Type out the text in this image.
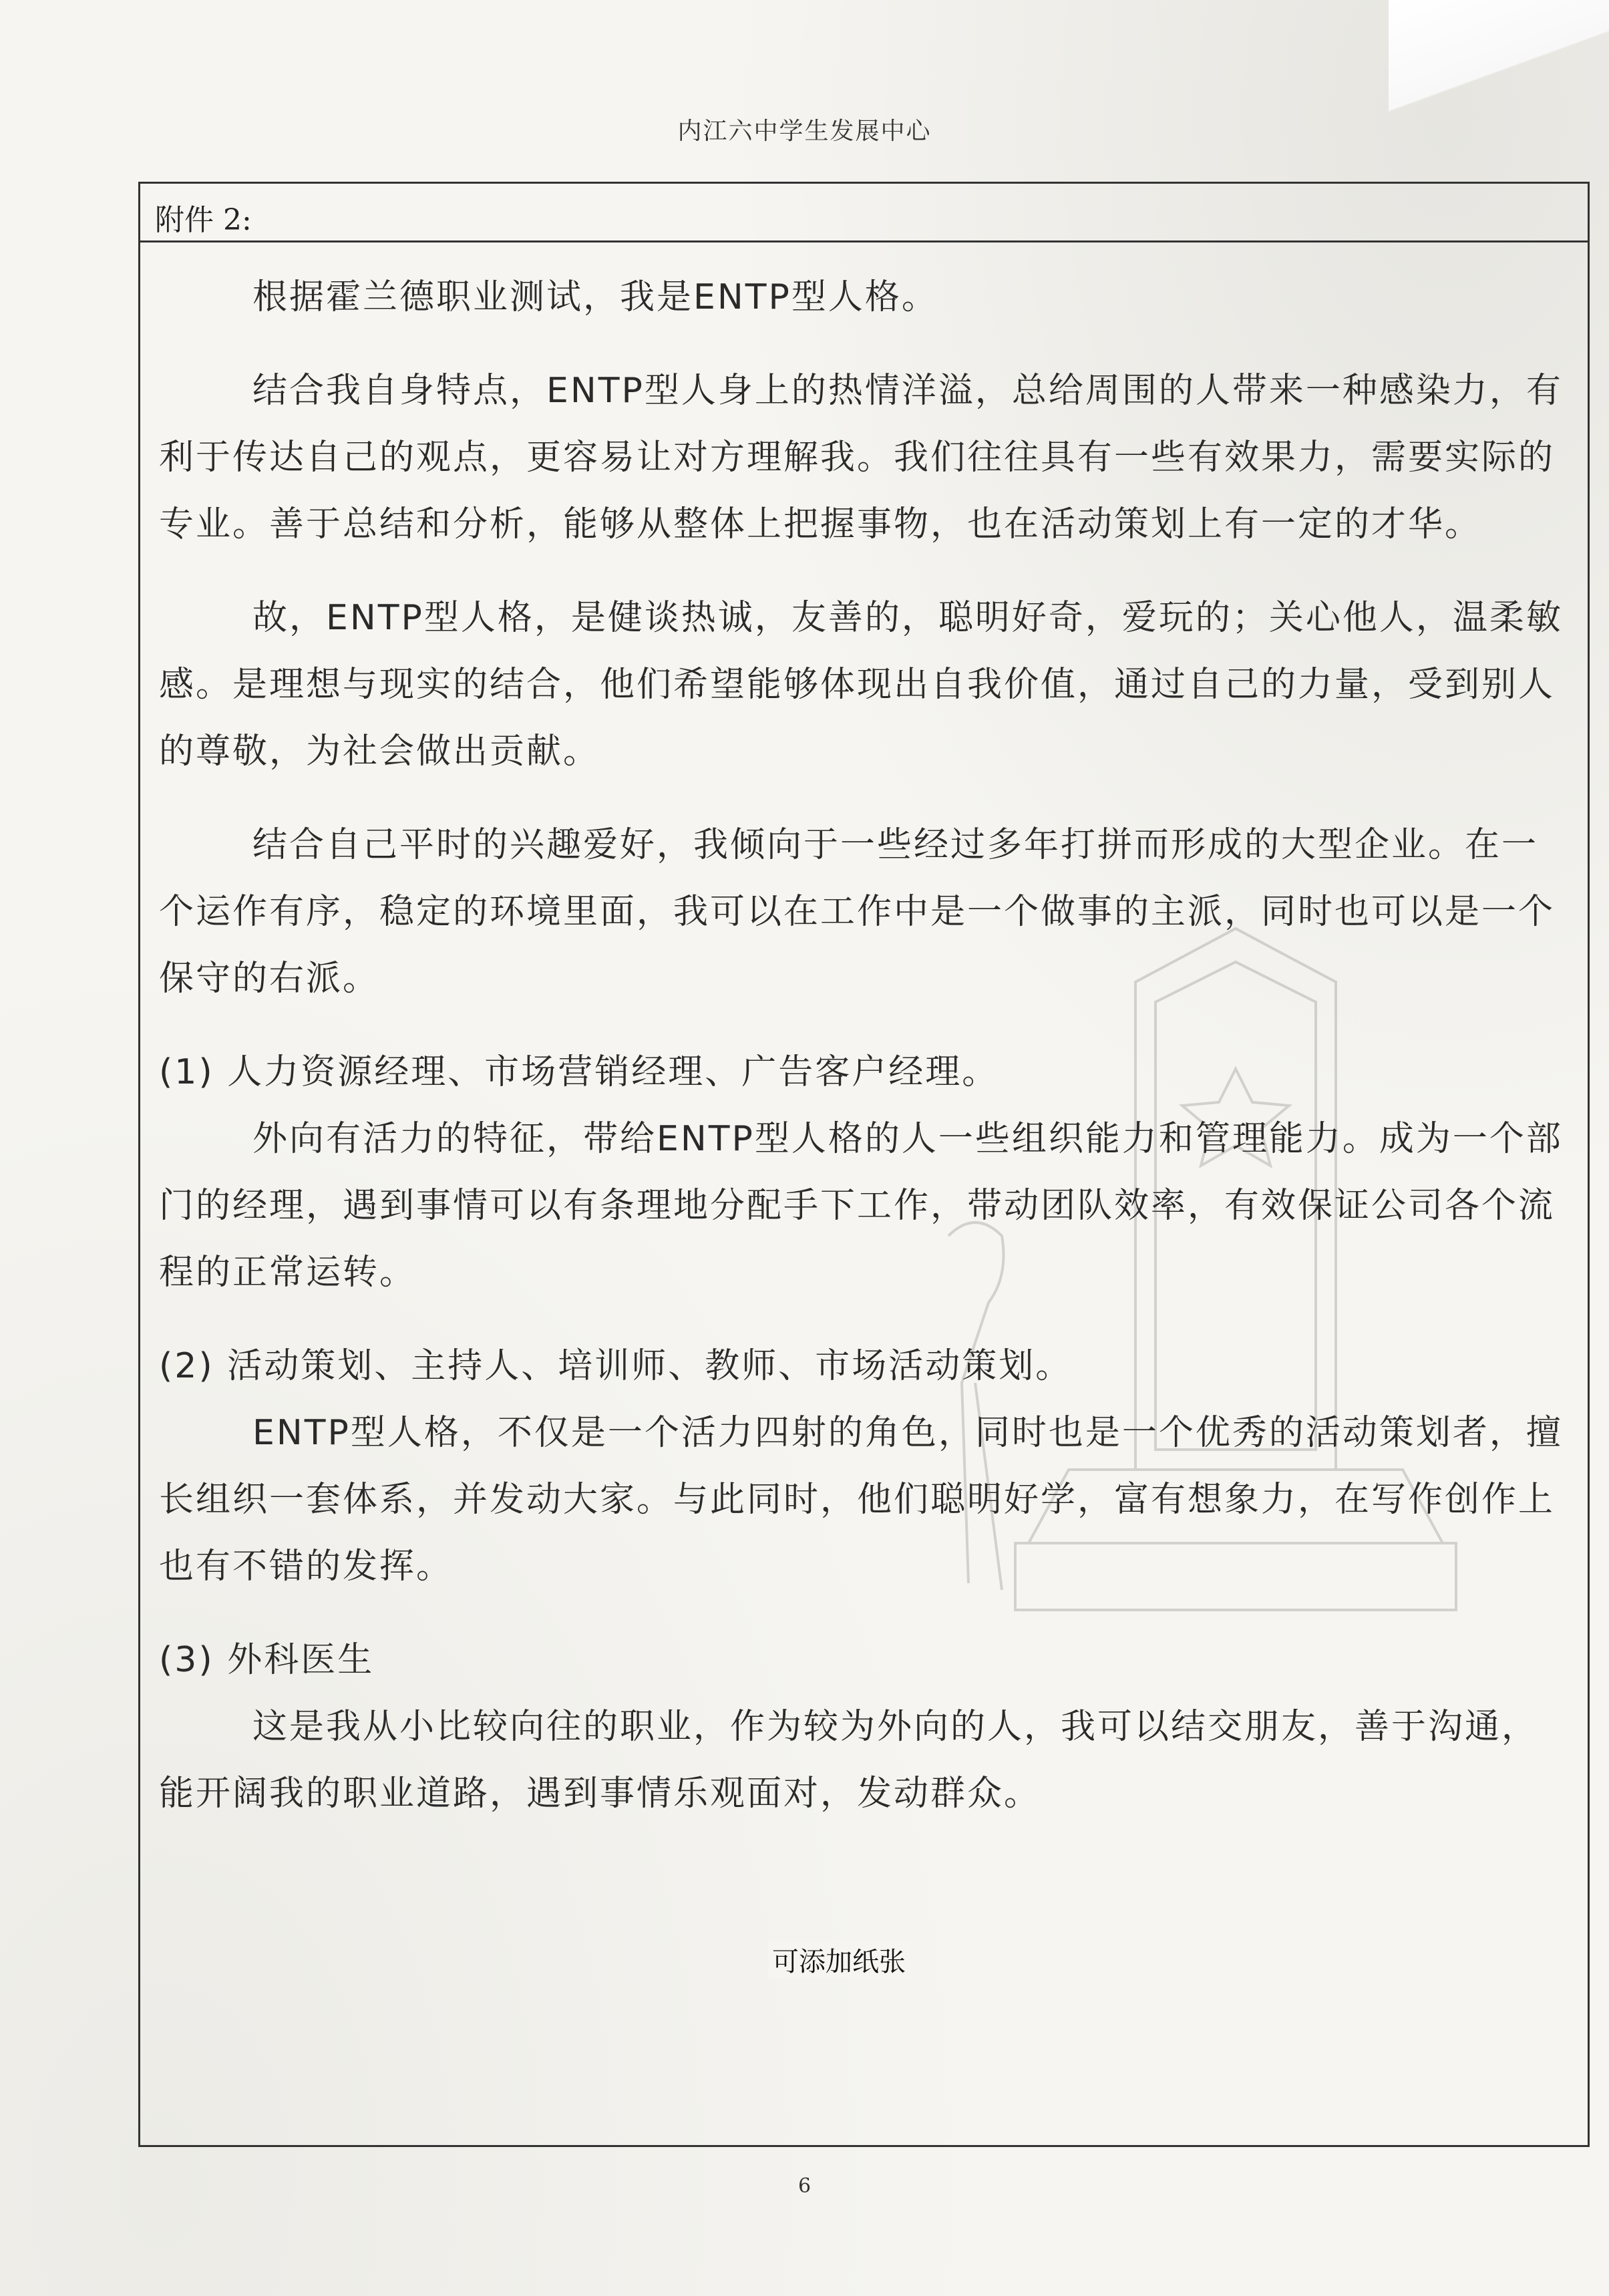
内江六中学生发展中心
附件 2:

根据霍兰德职业测试，我是ENTP型人格。

结合我自身特点，ENTP型人身上的热情洋溢，总给周围的人带来一种感染力，有利于传达自己的观点，更容易让对方理解我。我们往往具有一些有效果力，需要实际的专业。善于总结和分析，能够从整体上把握事物，也在活动策划上有一定的才华。

故，ENTP型人格，是健谈热诚，友善的，聪明好奇，爱玩的；关心他人，温柔敏感。是理想与现实的结合，他们希望能够体现出自我价值，通过自己的力量，受到别人的尊敬，为社会做出贡献。

结合自己平时的兴趣爱好，我倾向于一些经过多年打拼而形成的大型企业。在一个运作有序，稳定的环境里面，我可以在工作中是一个做事的主派，同时也可以是一个保守的右派。

(1) 人力资源经理、市场营销经理、广告客户经理。

外向有活力的特征，带给ENTP型人格的人一些组织能力和管理能力。成为一个部门的经理，遇到事情可以有条理地分配手下工作，带动团队效率，有效保证公司各个流程的正常运转。

(2) 活动策划、主持人、培训师、教师、市场活动策划。

ENTP型人格，不仅是一个活力四射的角色，同时也是一个优秀的活动策划者，擅长组织一套体系，并发动大家。与此同时，他们聪明好学，富有想象力，在写作创作上也有不错的发挥。

(3) 外科医生

这是我从小比较向往的职业，作为较为外向的人，我可以结交朋友，善于沟通，能开阔我的职业道路，遇到事情乐观面对，发动群众。

可添加纸张
6
